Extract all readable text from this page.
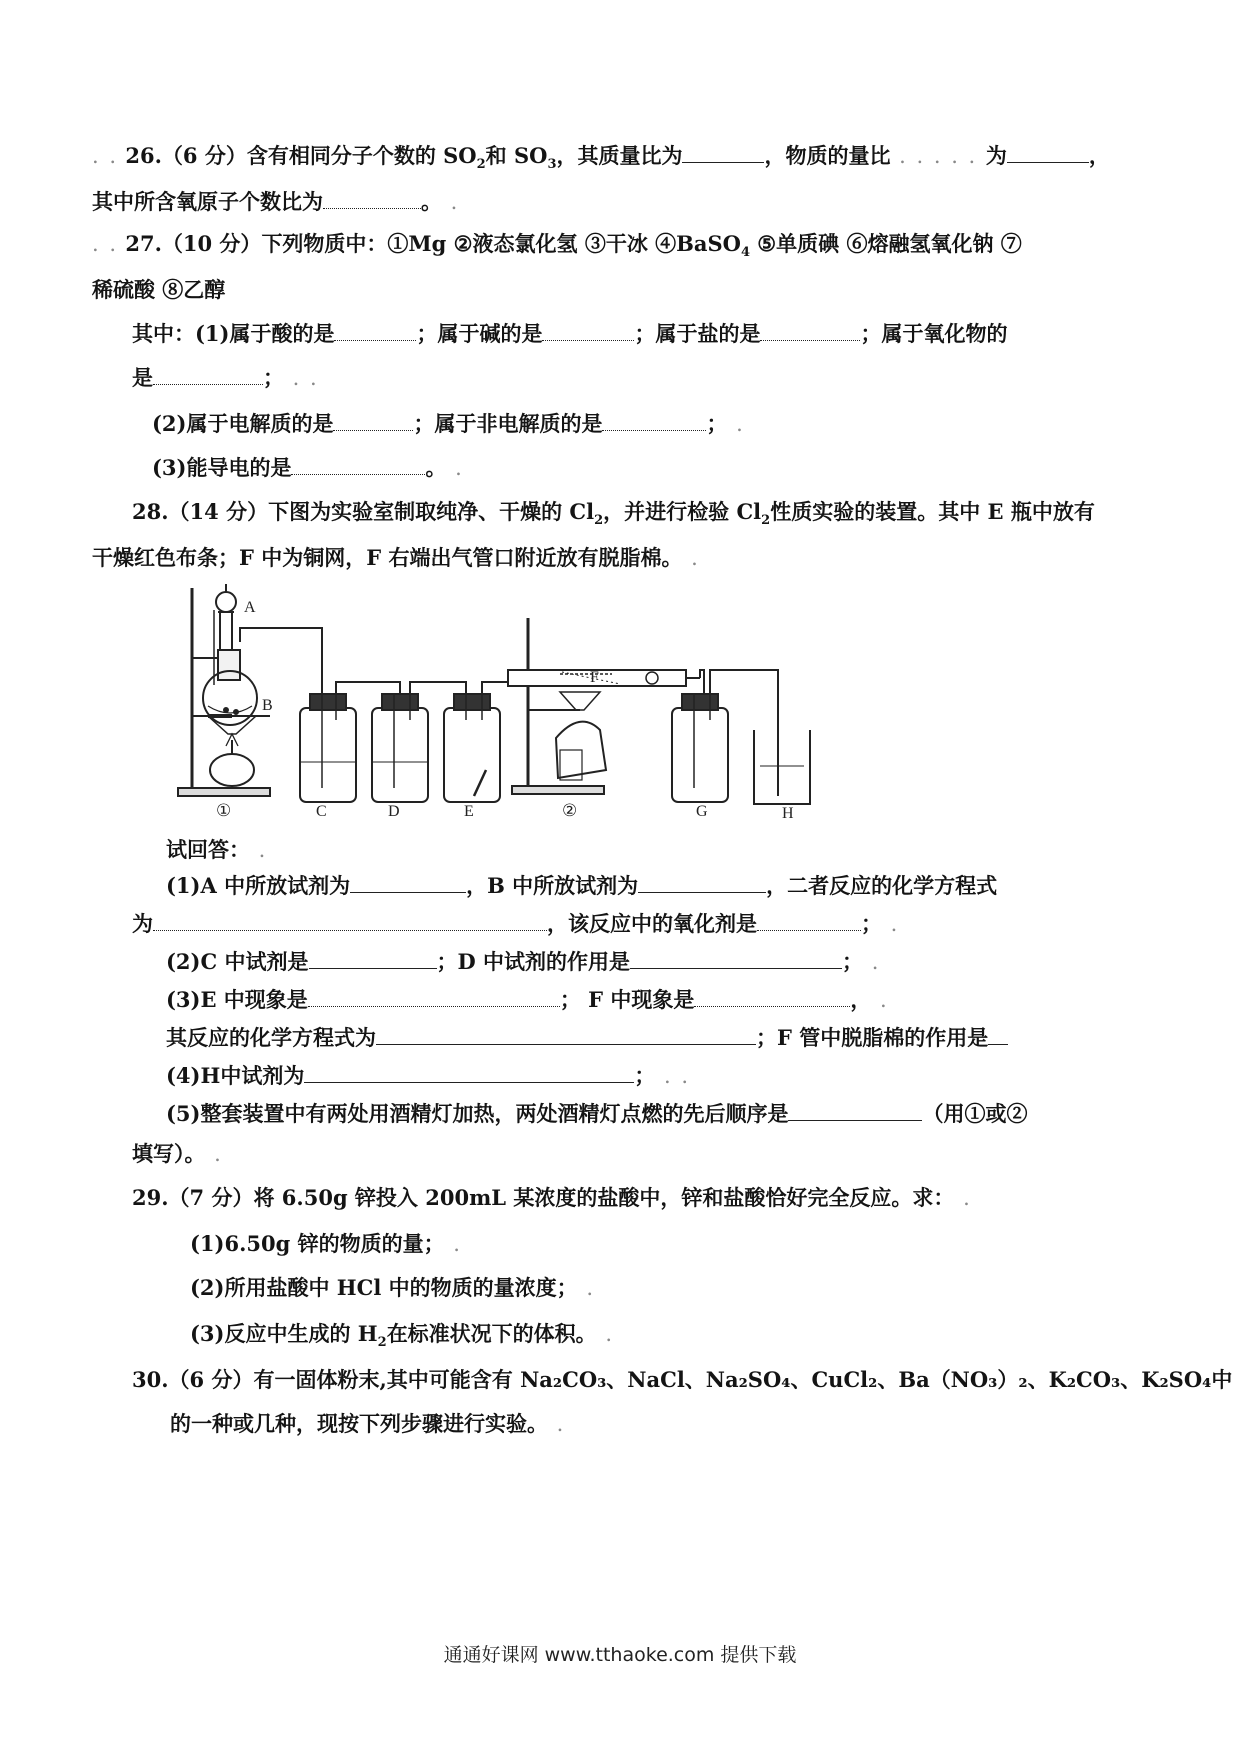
. . 26.（6 分）含有相同分子个数的 $SO_2$和 $SO_3$，其质量比为	，物质的量比 . . . . . 为	，
其中所含氧原子个数比为	。 .
. . 27.（10 分）下列物质中：①Mg ②液态氯化氢 ③干冰 ④BaSO$_4$ ⑤单质碘 ⑥熔融氢氧化钠 ⑦
稀硫酸 ⑧乙醇
其中：(1)属于酸的是	；属于碱的是	；属于盐的是	；属于氧化物的
是	； . .
(2)属于电解质的是	；属于非电解质的是	； .
(3)能导电的是	。 .
28.（14 分）下图为实验室制取纯净、干燥的 $Cl_2$，并进行检验 $Cl_2$性质实验的装置。其中 E 瓶中放有
干燥红色布条；F 中为铜网，F 右端出气管口附近放有脱脂棉。 .
A
B
F
①	C	D	E	②	G	H
试回答： .
(1)A 中所放试剂为	，B 中所放试剂为	，二者反应的化学方程式
为	，该反应中的氧化剂是	； .
(2)C 中试剂是	；D 中试剂的作用是	； .
(3)E 中现象是	； F 中现象是	， .
其反应的化学方程式为	；F 管中脱脂棉的作用是
(4)H中试剂为	； . .
(5)整套装置中有两处用酒精灯加热，两处酒精灯点燃的先后顺序是	（用①或②
填写）。 .
29.（7 分）将 6.50g 锌投入 200mL 某浓度的盐酸中，锌和盐酸恰好完全反应。求： .
(1)6.50g 锌的物质的量； .
(2)所用盐酸中 HCl 中的物质的量浓度； .
(3)反应中生成的 $H_2$在标准状况下的体积。 .
30.（6 分）有一固体粉末,其中可能含有 Na₂CO₃、NaCl、Na₂SO₄、CuCl₂、Ba（NO₃）₂、K₂CO₃、K₂SO₄中
的一种或几种，现按下列步骤进行实验。 .
通通好课网 www.tthaoke.com 提供下载
